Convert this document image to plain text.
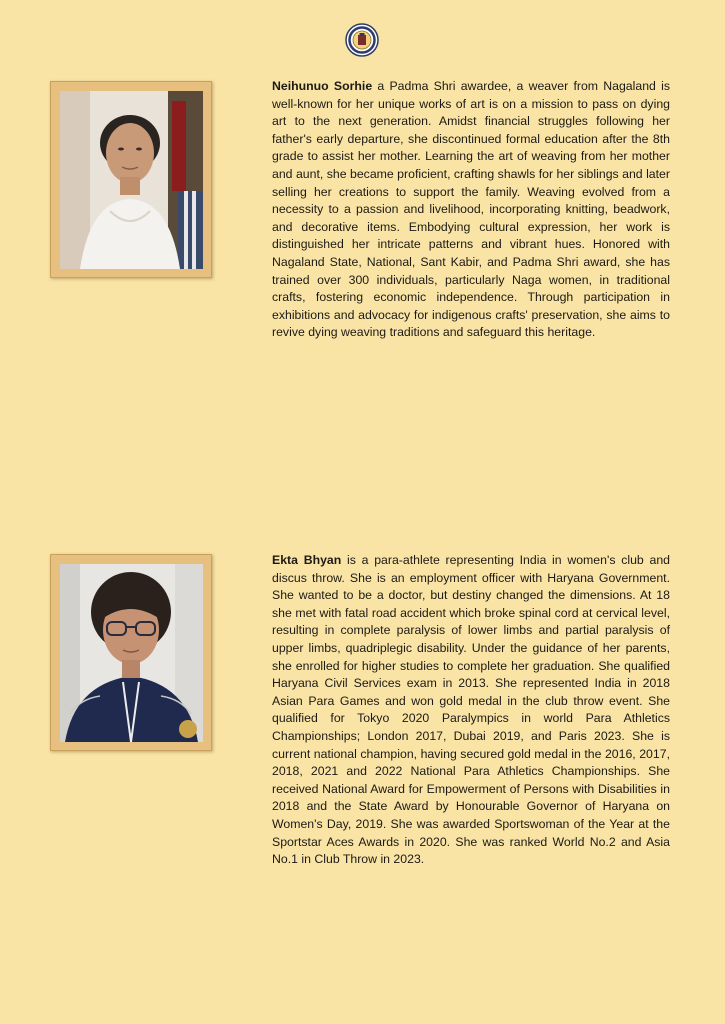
Neihunuo Sorhie a Padma Shri awardee, a weaver from Nagaland is well-known for her unique works of art is on a mission to pass on dying art to the next generation. Amidst financial struggles following her father's early departure, she discontinued formal education after the 8th grade to assist her mother. Learning the art of weaving from her mother and aunt, she became proficient, crafting shawls for her siblings and later selling her creations to support the family. Weaving evolved from a necessity to a passion and livelihood, incorporating knitting, beadwork, and decorative items. Embodying cultural expression, her work is distinguished her intricate patterns and vibrant hues. Honored with Nagaland State, National, Sant Kabir, and Padma Shri award, she has trained over 300 individuals, particularly Naga women, in traditional crafts, fostering economic independence. Through participation in exhibitions and advocacy for indigenous crafts' preservation, she aims to revive dying weaving traditions and safeguard this heritage.

Ekta Bhyan is a para-athlete representing India in women's club and discus throw. She is an employment officer with Haryana Government. She wanted to be a doctor, but destiny changed the dimensions. At 18 she met with fatal road accident which broke spinal cord at cervical level, resulting in complete paralysis of lower limbs and partial paralysis of upper limbs, quadriplegic disability. Under the guidance of her parents, she enrolled for higher studies to complete her graduation. She qualified Haryana Civil Services exam in 2013. She represented India in 2018 Asian Para Games and won gold medal in the club throw event. She qualified for Tokyo 2020 Paralympics in world Para Athletics Championships; London 2017, Dubai 2019, and Paris 2023. She is current national champion, having secured gold medal in the 2016, 2017, 2018, 2021 and 2022 National Para Athletics Championships. She received National Award for Empowerment of Persons with Disabilities in 2018 and the State Award by Honourable Governor of Haryana on Women's Day, 2019. She was awarded Sportswoman of the Year at the Sportstar Aces Awards in 2020. She was ranked World No.2 and Asia No.1 in Club Throw in 2023.
